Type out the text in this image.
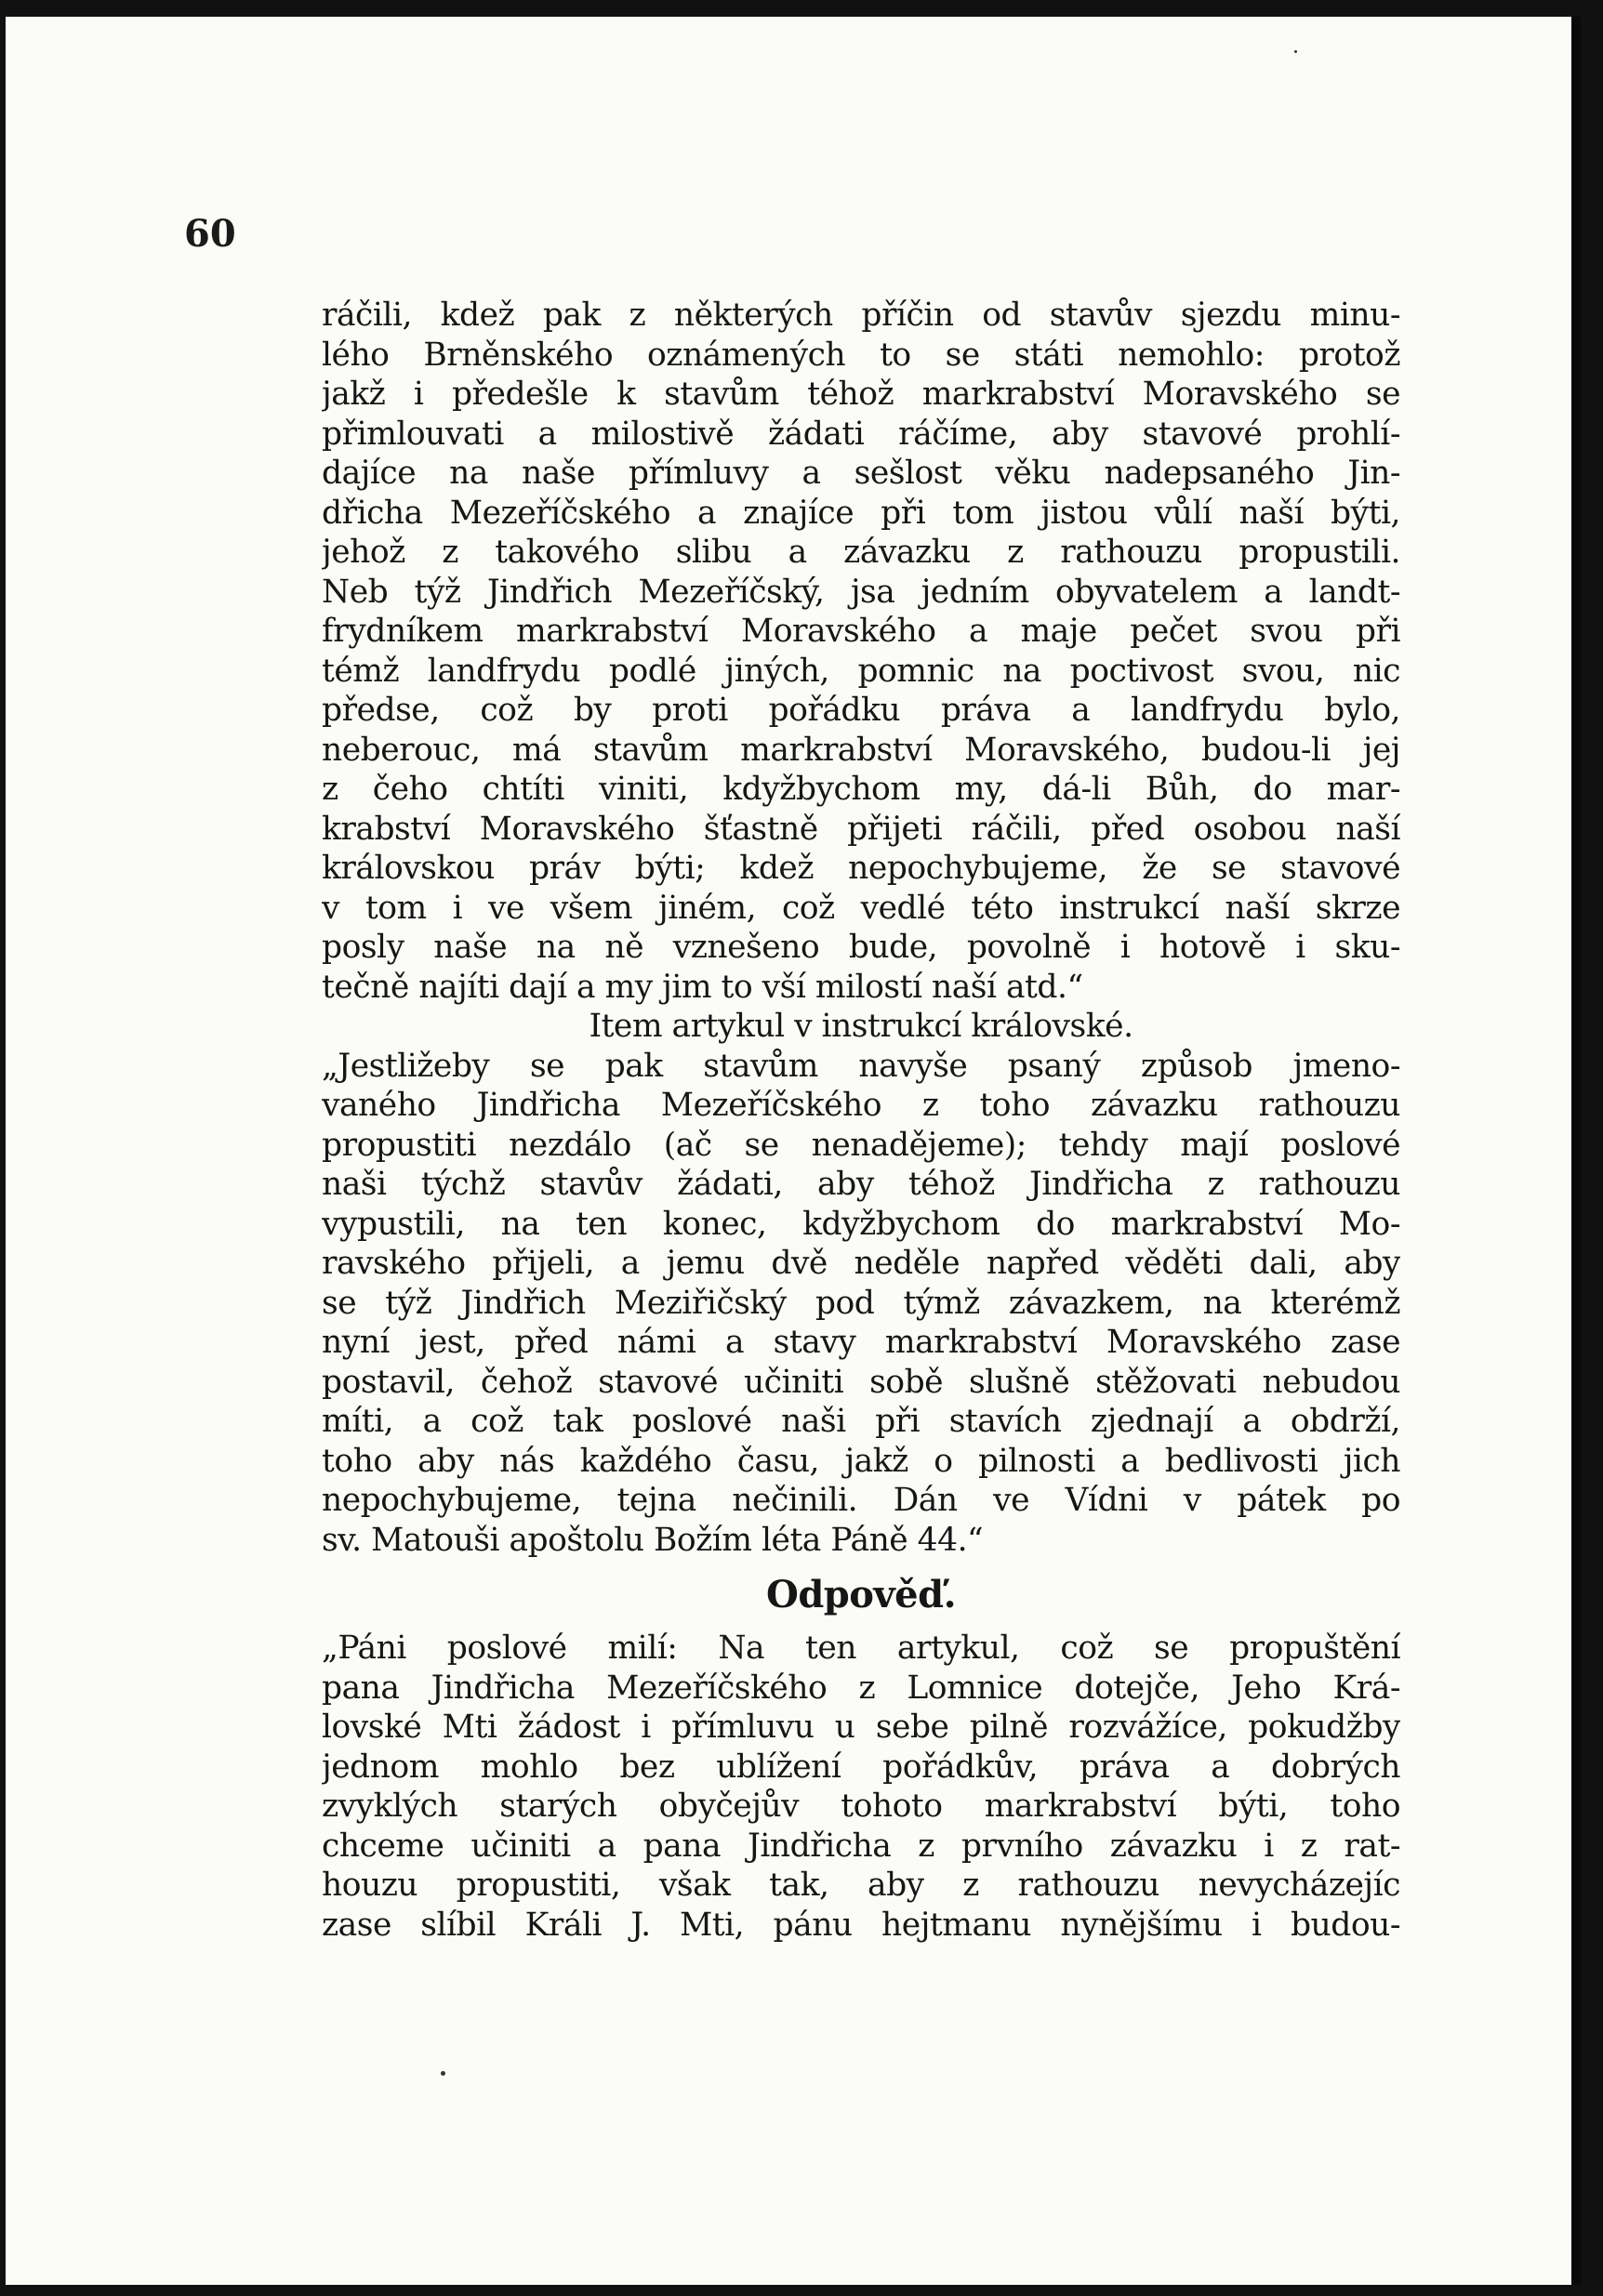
60
ráčili, kdež pak z některých příčin od stavův sjezdu minu-
lého Brněnského oznámených to se státi nemohlo: protož
jakž i předešle k stavům téhož markrabství Moravského se
přimlouvati a milostivě žádati ráčíme, aby stavové prohlí-
dajíce na naše přímluvy a sešlost věku nadepsaného Jin-
dřicha Mezeříčského a znajíce při tom jistou vůlí naší býti,
jehož z takového slibu a závazku z rathouzu propustili.
Neb týž Jindřich Mezeříčský, jsa jedním obyvatelem a landt-
frydníkem markrabství Moravského a maje pečet svou při
témž landfrydu podlé jiných, pomnic na poctivost svou, nic
předse, což by proti pořádku práva a landfrydu bylo,
neberouc, má stavům markrabství Moravského, budou-li jej
z čeho chtíti viniti, kdyžbychom my, dá-li Bůh, do mar-
krabství Moravského šťastně přijeti ráčili, před osobou naší
královskou práv býti; kdež nepochybujeme, že se stavové
v tom i ve všem jiném, což vedlé této instrukcí naší skrze
posly naše na ně vznešeno bude, povolně i hotově i sku-
tečně najíti dají a my jim to vší milostí naší atd.“
Item artykul v instrukcí královské.
„Jestližeby se pak stavům navyše psaný způsob jmeno-
vaného Jindřicha Mezeříčského z toho závazku rathouzu
propustiti nezdálo (ač se nenadějeme); tehdy mají poslové
naši týchž stavův žádati, aby téhož Jindřicha z rathouzu
vypustili, na ten konec, kdyžbychom do markrabství Mo-
ravského přijeli, a jemu dvě neděle napřed věděti dali, aby
se týž Jindřich Meziřičský pod týmž závazkem, na kterémž
nyní jest, před námi a stavy markrabství Moravského zase
postavil, čehož stavové učiniti sobě slušně stěžovati nebudou
míti, a což tak poslové naši při stavích zjednají a obdrží,
toho aby nás každého času, jakž o pilnosti a bedlivosti jich
nepochybujeme, tejna nečinili. Dán ve Vídni v pátek po
sv. Matouši apoštolu Božím léta Páně 44.“
Odpověď.
„Páni poslové milí: Na ten artykul, což se propuštění
pana Jindřicha Mezeříčského z Lomnice dotejče, Jeho Krá-
lovské Mti žádost i přímluvu u sebe pilně rozvážíce, pokudžby
jednom mohlo bez ublížení pořádkův, práva a dobrých
zvyklých starých obyčejův tohoto markrabství býti, toho
chceme učiniti a pana Jindřicha z prvního závazku i z rat-
houzu propustiti, však tak, aby z rathouzu nevycházejíc
zase slíbil Králi J. Mti, pánu hejtmanu nynějšímu i budou-
